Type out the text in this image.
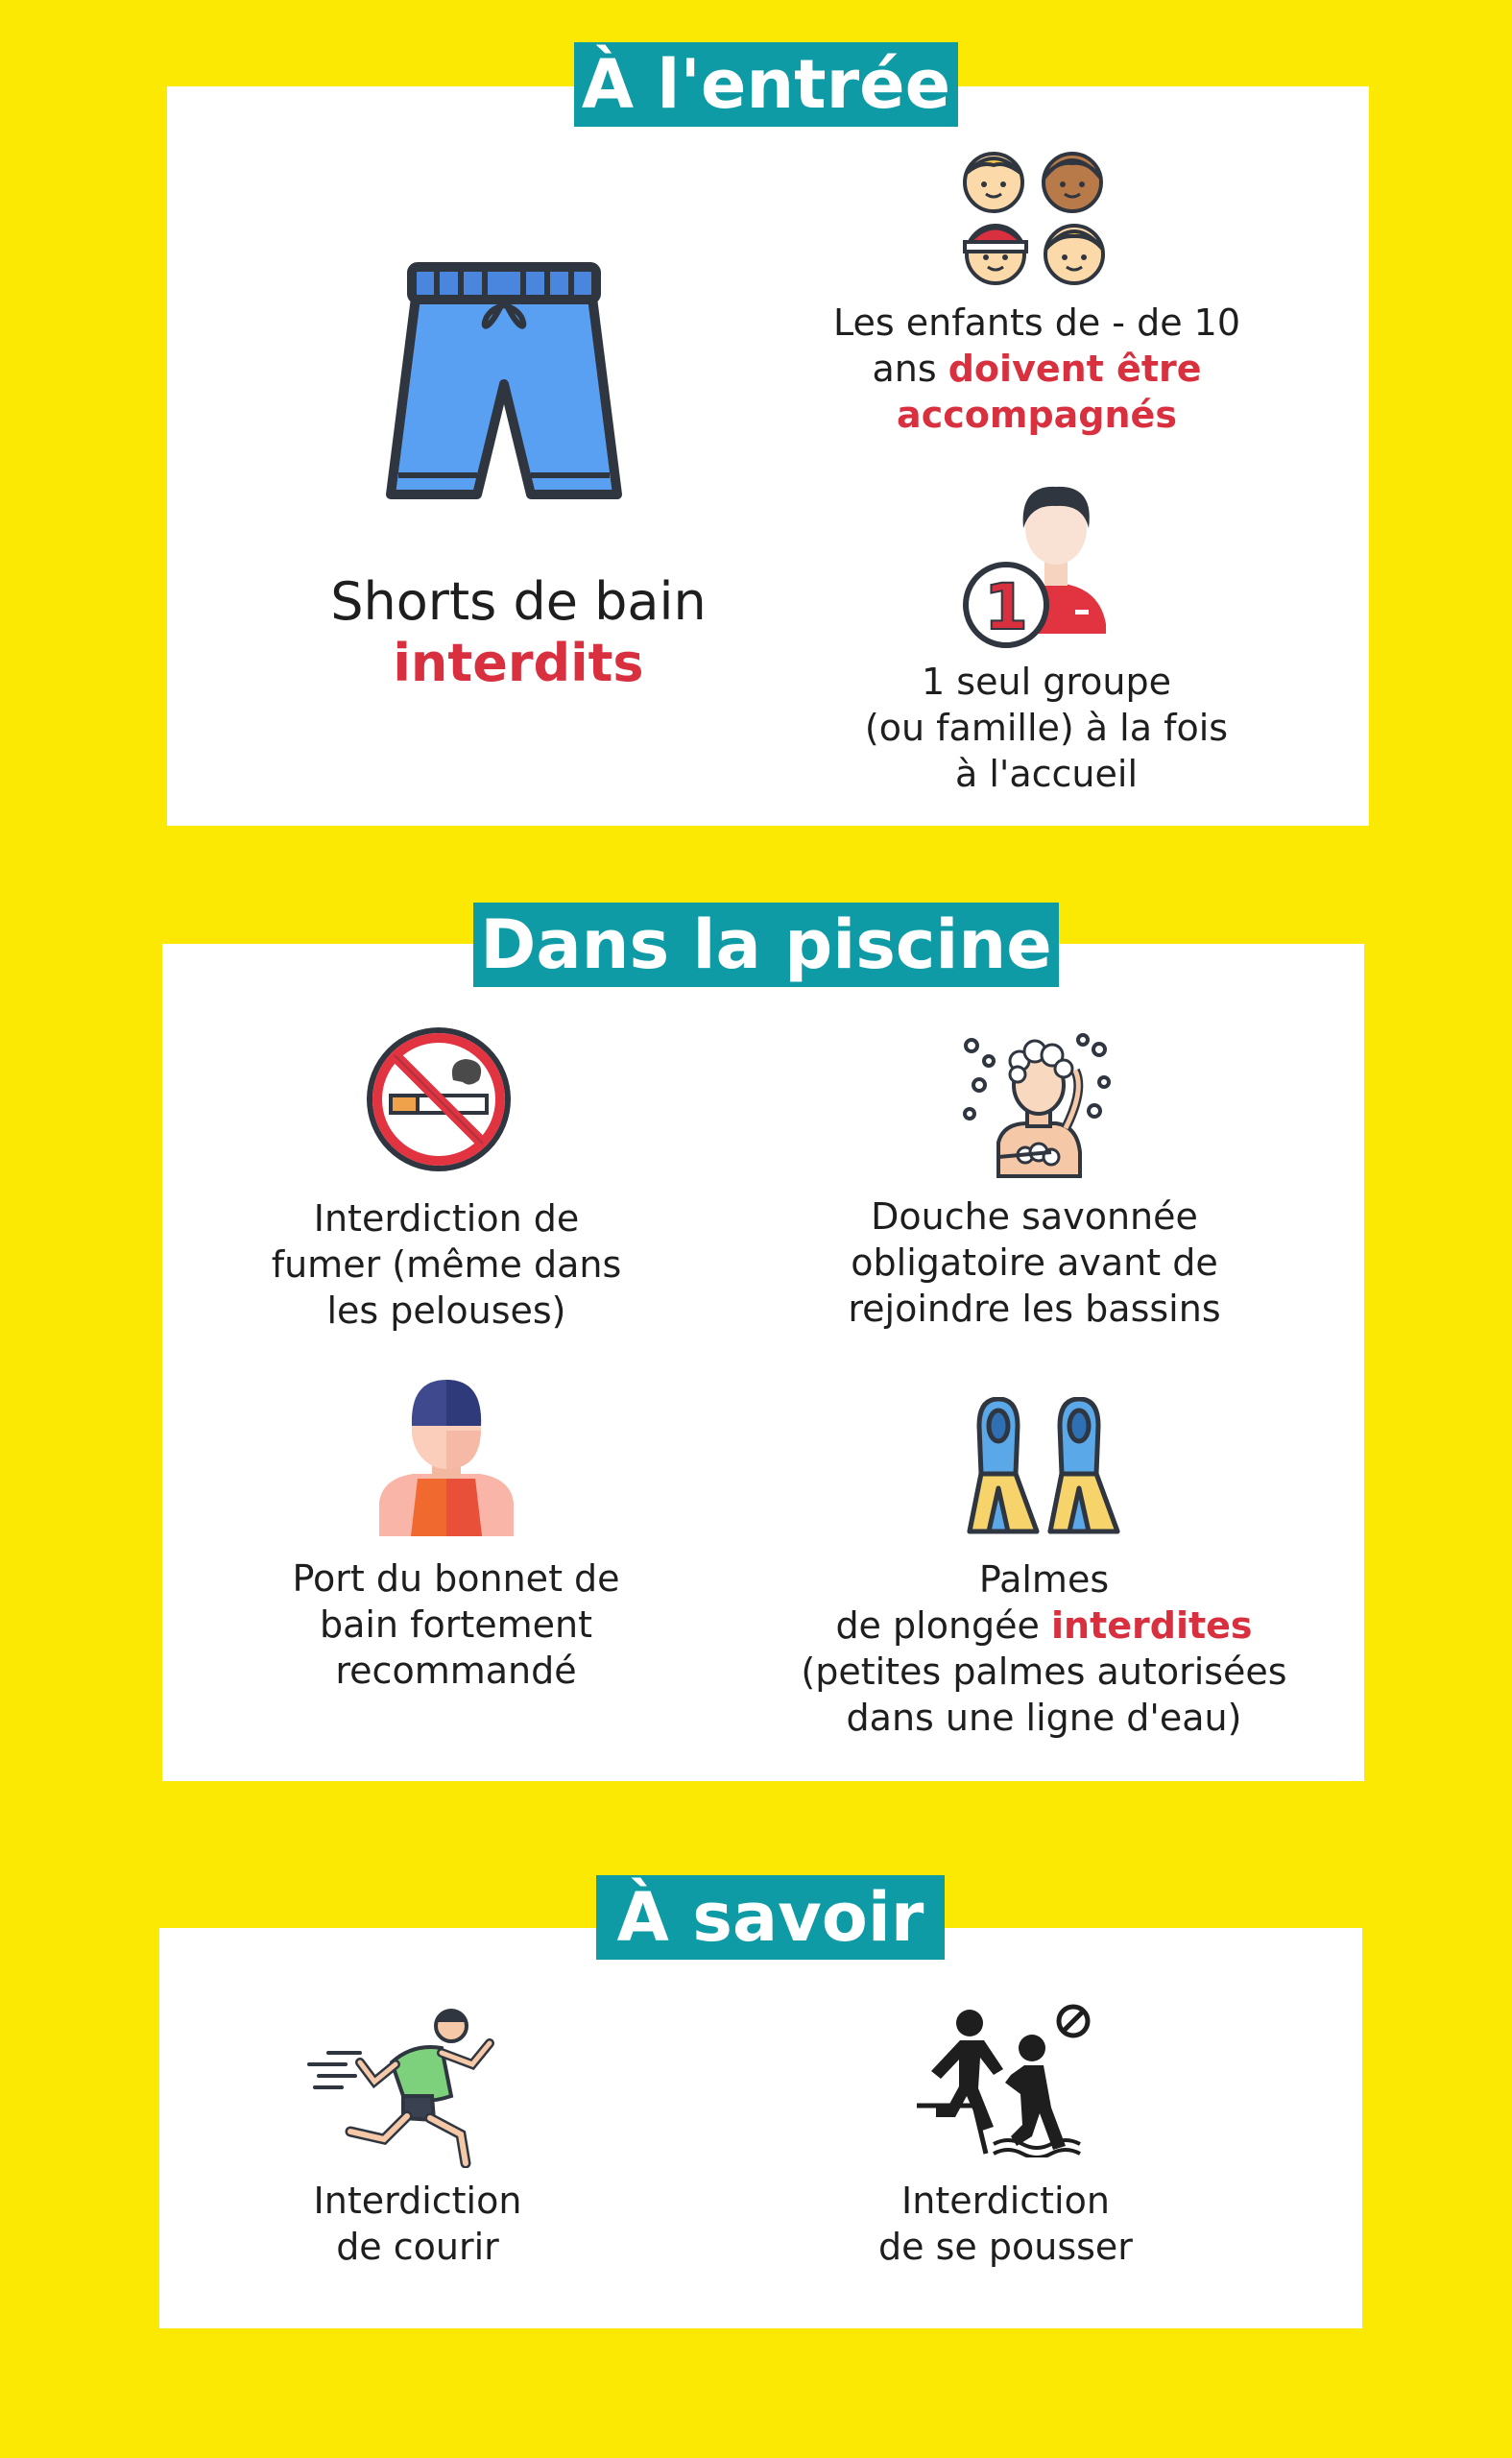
À l'entrée
Shorts de bain
interdits
Les enfants de - de 10
ans doivent être
accompagnés
1
1 seul groupe
(ou famille) à la fois
à l'accueil
Dans la piscine
Interdiction de
fumer (même dans
les pelouses)
Douche savonnée
obligatoire avant de
rejoindre les bassins
Port du bonnet de
bain fortement
recommandé
Palmes
de plongée interdites
(petites palmes autorisées
dans une ligne d'eau)
À savoir
Interdiction
de courir
Interdiction
de se pousser
